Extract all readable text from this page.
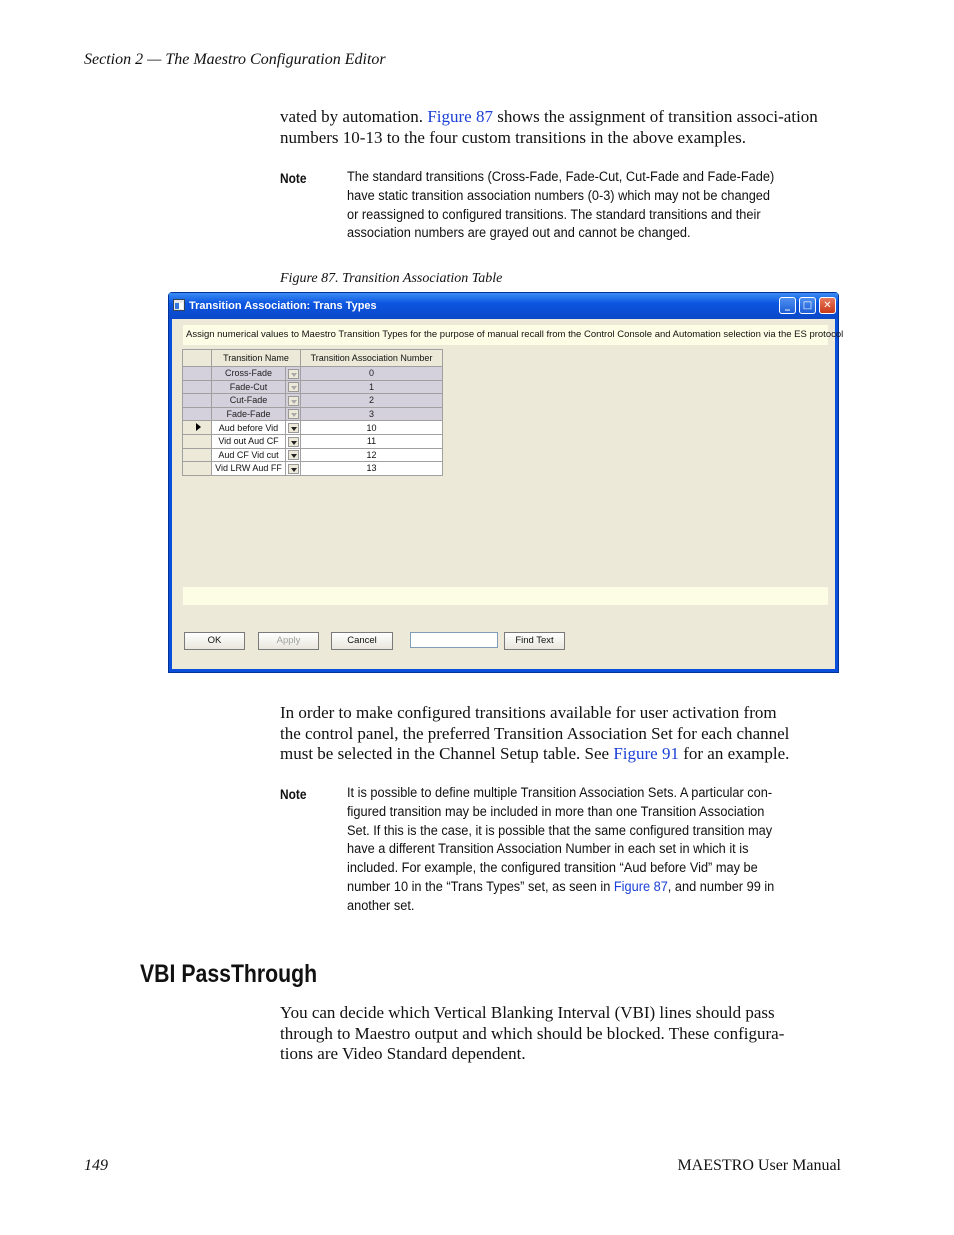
Section 2 — The Maestro Configuration Editor
vated by automation. Figure 87 shows the assignment of transition associ-ation numbers 10-13 to the four custom transitions in the above examples.
Note	The standard transitions (Cross-Fade, Fade-Cut, Cut-Fade and Fade-Fade)
have static transition association numbers (0-3) which may not be changed
or reassigned to configured transitions. The standard transitions and their
association numbers are grayed out and cannot be changed.
Figure 87. Transition Association Table
Transition Association: Trans Types	_	□	✕
Assign numerical values to Maestro Transition Types for the purpose of manual recall from the Control Console and Automation selection via the ES protocol
	Transition Name		Transition Association Number
	Cross-Fade		0
	Fade-Cut		1
	Cut-Fade		2
	Fade-Fade		3
	Aud before Vid		10
	Vid out Aud CF		11
	Aud CF Vid cut		12
	Vid LRW Aud FF		13
OK	Apply	Cancel	Find Text
In order to make configured transitions available for user activation from
the control panel, the preferred Transition Association Set for each channel
must be selected in the Channel Setup table. See Figure 91 for an example.
Note	It is possible to define multiple Transition Association Sets. A particular con-
figured transition may be included in more than one Transition Association
Set. If this is the case, it is possible that the same configured transition may
have a different Transition Association Number in each set in which it is
included. For example, the configured transition “Aud before Vid” may be
number 10 in the “Trans Types” set, as seen in Figure 87, and number 99 in
another set.
VBI PassThrough
You can decide which Vertical Blanking Interval (VBI) lines should pass
through to Maestro output and which should be blocked. These configura-
tions are Video Standard dependent.
149	MAESTRO User Manual
